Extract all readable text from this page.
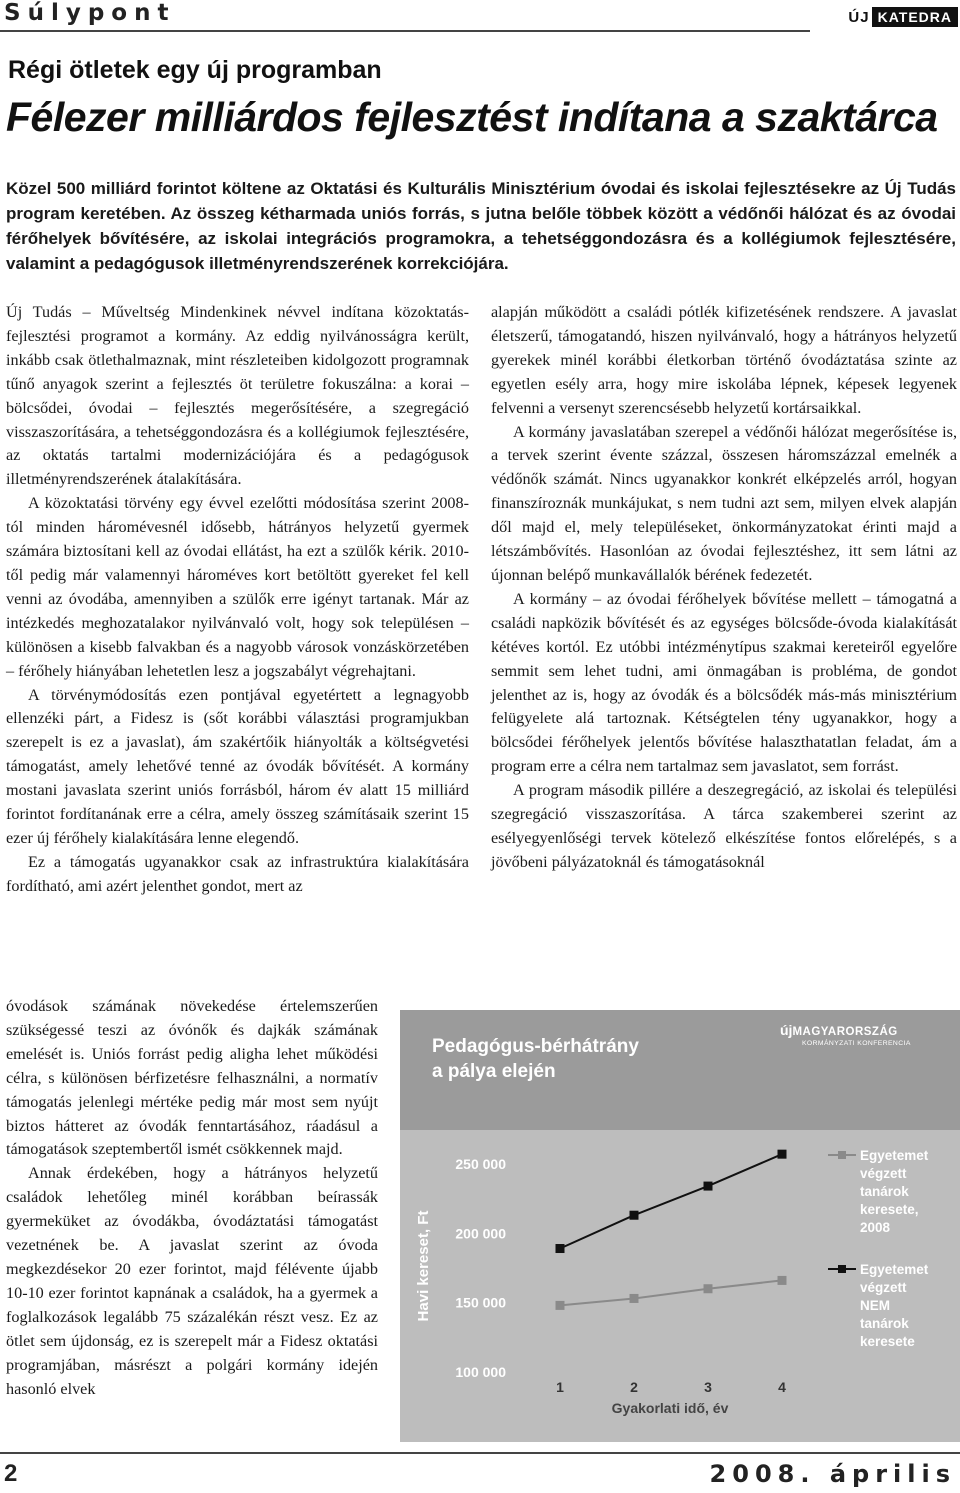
Súlypont	ÚJ KATEDRA
Régi ötletek egy új programban
Félezer milliárdos fejlesztést indítana a szaktárca
Közel 500 milliárd forintot költene az Oktatási és Kulturális Minisztérium óvodai és iskolai fejlesztésekre az Új Tudás program keretében. Az összeg kétharmada uniós forrás, s jutna belőle többek között a védőnői hálózat és az óvodai férőhelyek bővítésére, az iskolai integrációs programokra, a tehetséggondozásra és a kollégiumok fejlesztésére, valamint a pedagógusok illetményrendszerének korrekciójára.

Új Tudás – Műveltség Mindenkinek névvel indítana közoktatás-fejlesztési programot a kormány. Az eddig nyilvánosságra került, inkább csak ötlethalmaznak, mint részleteiben kidolgozott programnak tűnő anyagok szerint a fejlesztés öt területre fokuszálna: a korai – bölcsődei, óvodai – fejlesztés megerősítésére, a szegregáció visszaszorítására, a tehetséggondozásra és a kollégiumok fejlesztésére, az oktatás tartalmi modernizációjára és a pedagógusok illetményrendszerének átalakítására.

A közoktatási törvény egy évvel ezelőtti módosítása szerint 2008-tól minden háromévesnél idősebb, hátrányos helyzetű gyermek számára biztosítani kell az óvodai ellátást, ha ezt a szülők kérik. 2010-től pedig már valamennyi hároméves kort betöltött gyereket fel kell venni az óvodába, amennyiben a szülők erre igényt tartanak. Már az intézkedés meghozatalakor nyilvánvaló volt, hogy sok településen – különösen a kisebb falvakban és a nagyobb városok vonzáskörzetében – férőhely hiányában lehetetlen lesz a jogszabályt végrehajtani.

A törvénymódosítás ezen pontjával egyetértett a legnagyobb ellenzéki párt, a Fidesz is (sőt korábbi választási programjukban szerepelt is ez a javaslat), ám szakértőik hiányolták a költségvetési támogatást, amely lehetővé tenné az óvodák bővítését. A kormány mostani javaslata szerint uniós forrásból, három év alatt 15 milliárd forintot fordítanának erre a célra, amely összeg számításaik szerint 15 ezer új férőhely kialakítására lenne elegendő.

Ez a támogatás ugyanakkor csak az infrastruktúra kialakítására fordítható, ami azért jelenthet gondot, mert az

óvodások számának növekedése értelemszerűen szükségessé teszi az óvónők és dajkák számának emelését is. Uniós forrást pedig aligha lehet működési célra, s különösen bérfizetésre felhasználni, a normatív támogatás jelenlegi mértéke pedig már most sem nyújt biztos hátteret az óvodák fenntartásához, ráadásul a támogatások szeptembertől ismét csökkennek majd.

Annak érdekében, hogy a hátrányos helyzetű családok lehetőleg minél korábban beírassák gyermeküket az óvodákba, óvodáztatási támogatást vezetnének be. A javaslat szerint az óvoda megkezdésekor 20 ezer forintot, majd félévente újabb 10-10 ezer forintot kapnának a családok, ha a gyermek a foglalkozások legalább 75 százalékán részt vesz. Ez az ötlet sem újdonság, ez is szerepelt már a Fidesz oktatási programjában, másrészt a polgári kormány idején hasonló elvek

alapján működött a családi pótlék kifizetésének rendszere. A javaslat életszerű, támogatandó, hiszen nyilvánvaló, hogy a hátrányos helyzetű gyerekek minél korábbi életkorban történő óvodáztatása szinte az egyetlen esély arra, hogy mire iskolába lépnek, képesek legyenek felvenni a versenyt szerencsésebb helyzetű kortársaikkal.

A kormány javaslatában szerepel a védőnői hálózat megerősítése is, a tervek szerint évente százzal, összesen háromszázzal emelnék a védőnők számát. Nincs ugyanakkor konkrét elképzelés arról, hogyan finanszíroznák munkájukat, s nem tudni azt sem, milyen elvek alapján dől majd el, mely településeket, önkormányzatokat érinti majd a létszámbővítés. Hasonlóan az óvodai fejlesztéshez, itt sem látni az újonnan belépő munkavállalók bérének fedezetét.

A kormány – az óvodai férőhelyek bővítése mellett – támogatná a családi napközik bővítését és az egységes bölcsőde-óvoda kialakítását kétéves kortól. Ez utóbbi intézménytípus szakmai kereteiről egyelőre semmit sem lehet tudni, ami önmagában is probléma, de gondot jelenthet az is, hogy az óvodák és a bölcsődék más-más minisztérium felügyelete alá tartoznak. Kétségtelen tény ugyanakkor, hogy a bölcsődei férőhelyek jelentős bővítése halaszthatatlan feladat, ám a program erre a célra nem tartalmaz sem javaslatot, sem forrást.

A program második pillére a deszegregáció, az iskolai és települési szegregáció visszaszorítása. A tárca szakemberei szerint az esélyegyenlőségi tervek kötelező elkészítése fontos előrelépés, s a jövőbeni pályázatoknál és támogatásoknál

Pedagógus-bérhátrány
a pálya elején
újMAGYARORSZÁG
KORMÁNYZATI KONFERENCIA
Havi kereset, Ft
100 000
150 000
200 000
250 000
1	2	3	4
Gyakorlati idő, év
Egyetemet
végzett
tanárok
keresete,
2008
Egyetemet
végzett
NEM
tanárok
keresete
2	2008. április
